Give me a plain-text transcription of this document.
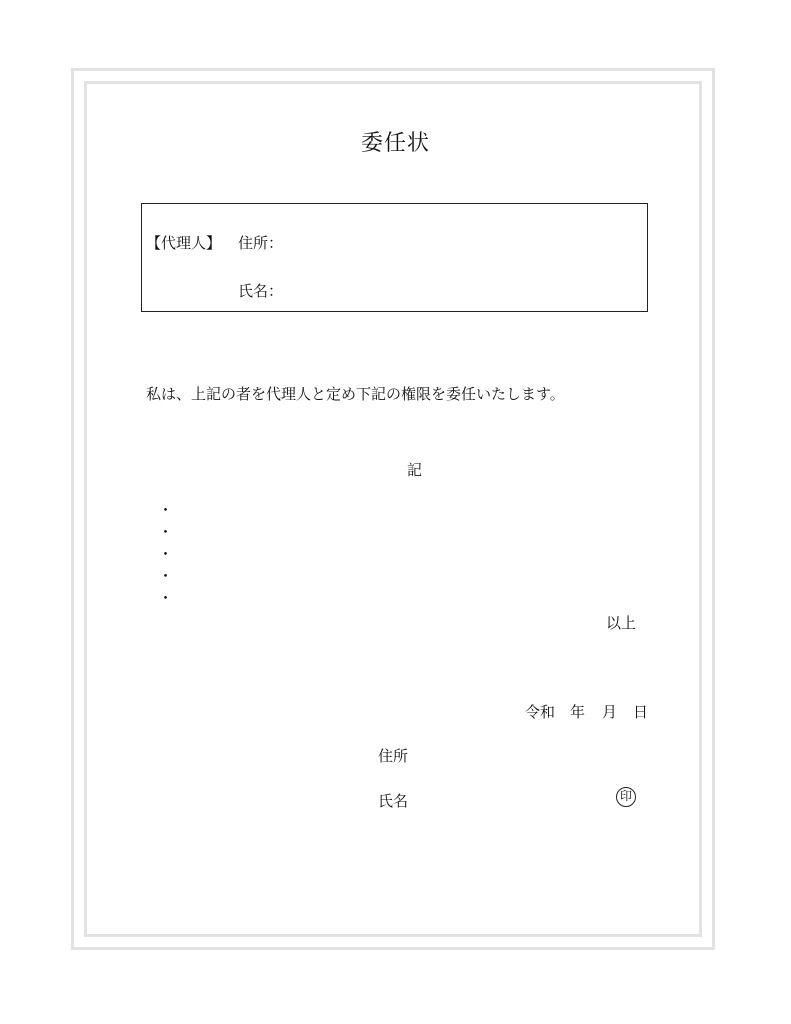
委任状
【代理人】 住所：
氏名：
私は、上記の者を代理人と定め下記の権限を委任いたします。
記
・
・
・
・
・
以上
令和 年 月 日
住所
氏名	印
